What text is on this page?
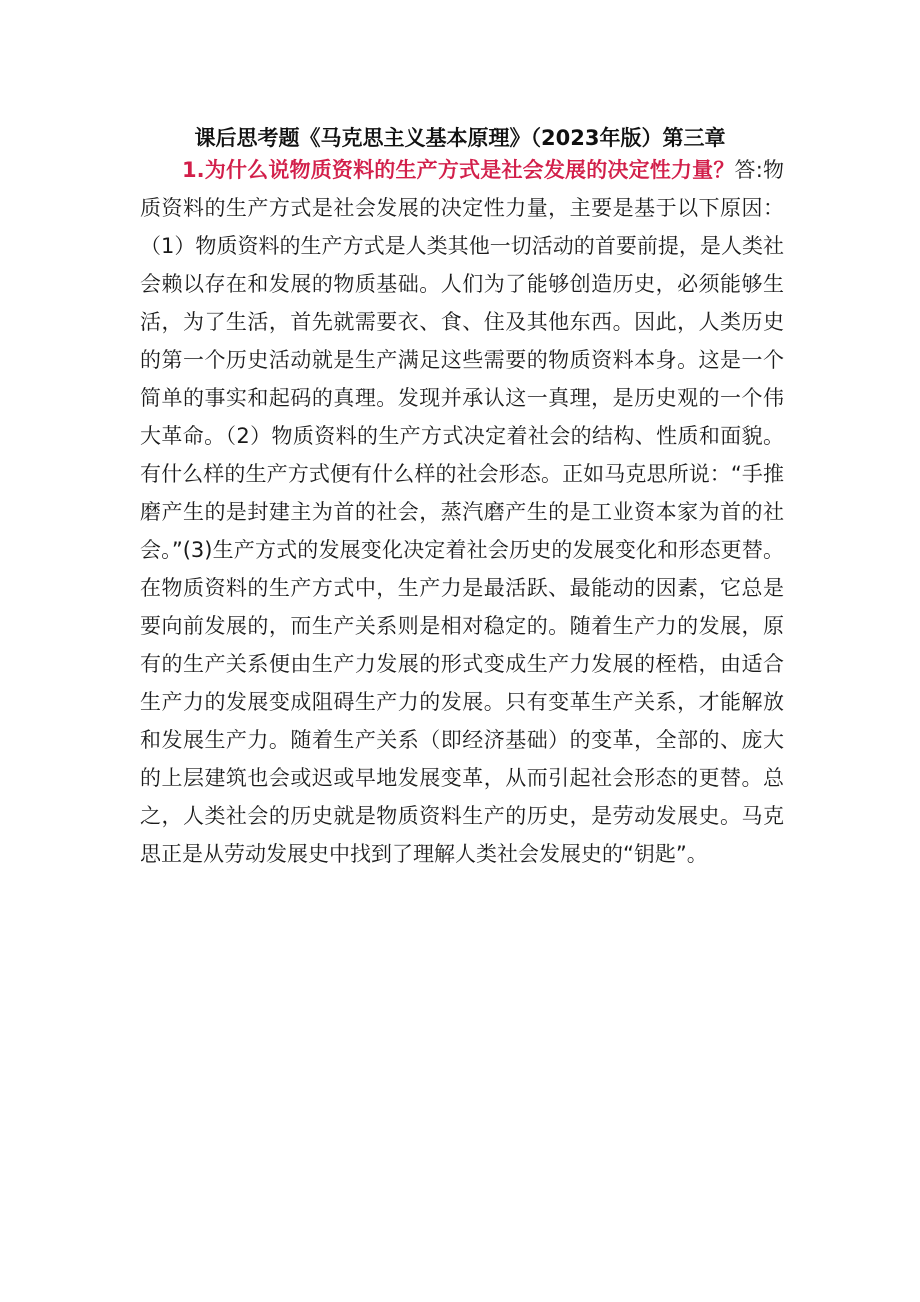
课后思考题《马克思主义基本原理》（2023年版）第三章

1.为什么说物质资料的生产方式是社会发展的决定性力量？答:物质资料的生产方式是社会发展的决定性力量，主要是基于以下原因：（1）物质资料的生产方式是人类其他一切活动的首要前提，是人类社会赖以存在和发展的物质基础。人们为了能够创造历史，必须能够生活，为了生活，首先就需要衣、食、住及其他东西。因此，人类历史的第一个历史活动就是生产满足这些需要的物质资料本身。这是一个简单的事实和起码的真理。发现并承认这一真理，是历史观的一个伟大革命。（2）物质资料的生产方式决定着社会的结构、性质和面貌。有什么样的生产方式便有什么样的社会形态。正如马克思所说：“手推磨产生的是封建主为首的社会，蒸汽磨产生的是工业资本家为首的社会。”(3)生产方式的发展变化决定着社会历史的发展变化和形态更替。在物质资料的生产方式中，生产力是最活跃、最能动的因素，它总是要向前发展的，而生产关系则是相对稳定的。随着生产力的发展，原有的生产关系便由生产力发展的形式变成生产力发展的桎梏，由适合生产力的发展变成阻碍生产力的发展。只有变革生产关系，才能解放和发展生产力。随着生产关系（即经济基础）的变革，全部的、庞大的上层建筑也会或迟或早地发展变革，从而引起社会形态的更替。总之，人类社会的历史就是物质资料生产的历史，是劳动发展史。马克思正是从劳动发展史中找到了理解人类社会发展史的“钥匙”。
